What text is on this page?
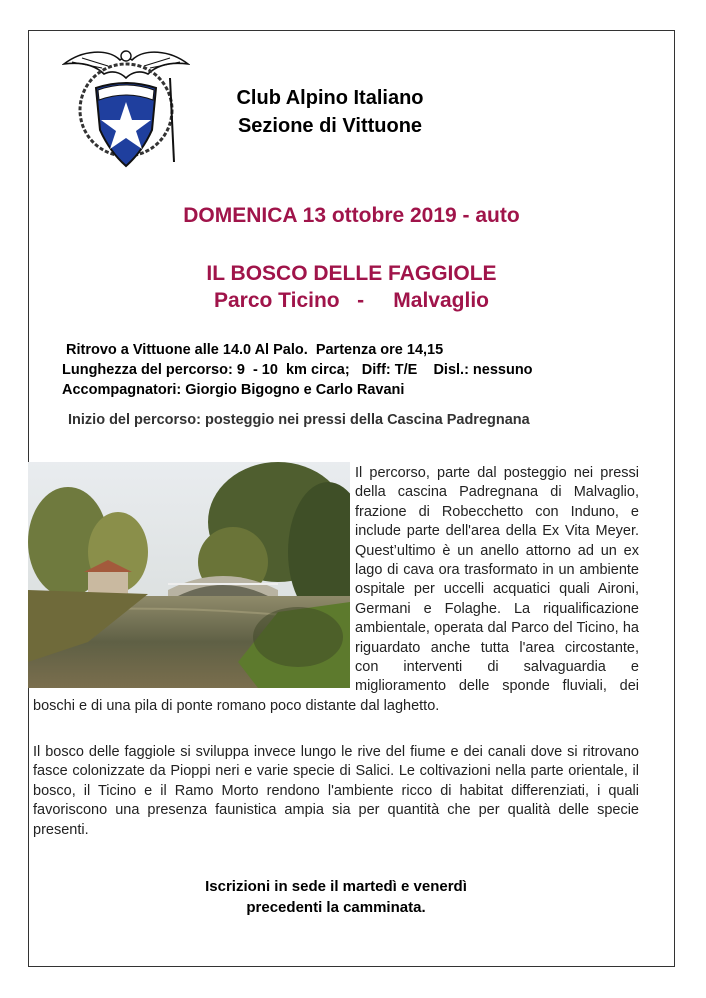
Club Alpino Italiano
Sezione di Vittuone
DOMENICA 13 ottobre 2019 - auto
IL BOSCO DELLE FAGGIOLE
Parco Ticino   -     Malvaglio
Ritrovo a Vittuone alle 14.0 Al Palo.  Partenza ore 14,15
Lunghezza del percorso: 9  - 10  km circa;   Diff: T/E    Disl.: nessuno
Accompagnatori: Giorgio Bigogno e Carlo Ravani
Inizio del percorso: posteggio nei pressi della Cascina Padregnana

Il percorso, parte dal posteggio nei pressi della cascina Padregnana di Malvaglio, frazione di Robecchetto con Induno, e include parte dell'area della Ex Vita Meyer. Quest’ultimo è un anello attorno ad un ex lago di cava ora trasformato in un ambiente ospitale per uccelli acquatici quali Aironi, Germani e Folaghe. La riqualificazione ambientale, operata dal Parco del Ticino, ha riguardato anche tutta l'area circostante, con interventi di salvaguardia e miglioramento delle sponde fluviali, dei boschi e di una pila di ponte romano poco distante dal laghetto.

Il bosco delle faggiole si sviluppa invece lungo le rive del fiume e dei canali dove si ritrovano fasce colonizzate da Pioppi neri e varie specie di Salici. Le coltivazioni nella parte orientale, il bosco, il Ticino e il Ramo Morto rendono l'ambiente ricco di habitat differenziati, i quali favoriscono una presenza faunistica ampia sia per quantità che per qualità delle specie presenti.

Iscrizioni in sede il martedì e venerdì
precedenti la camminata.
